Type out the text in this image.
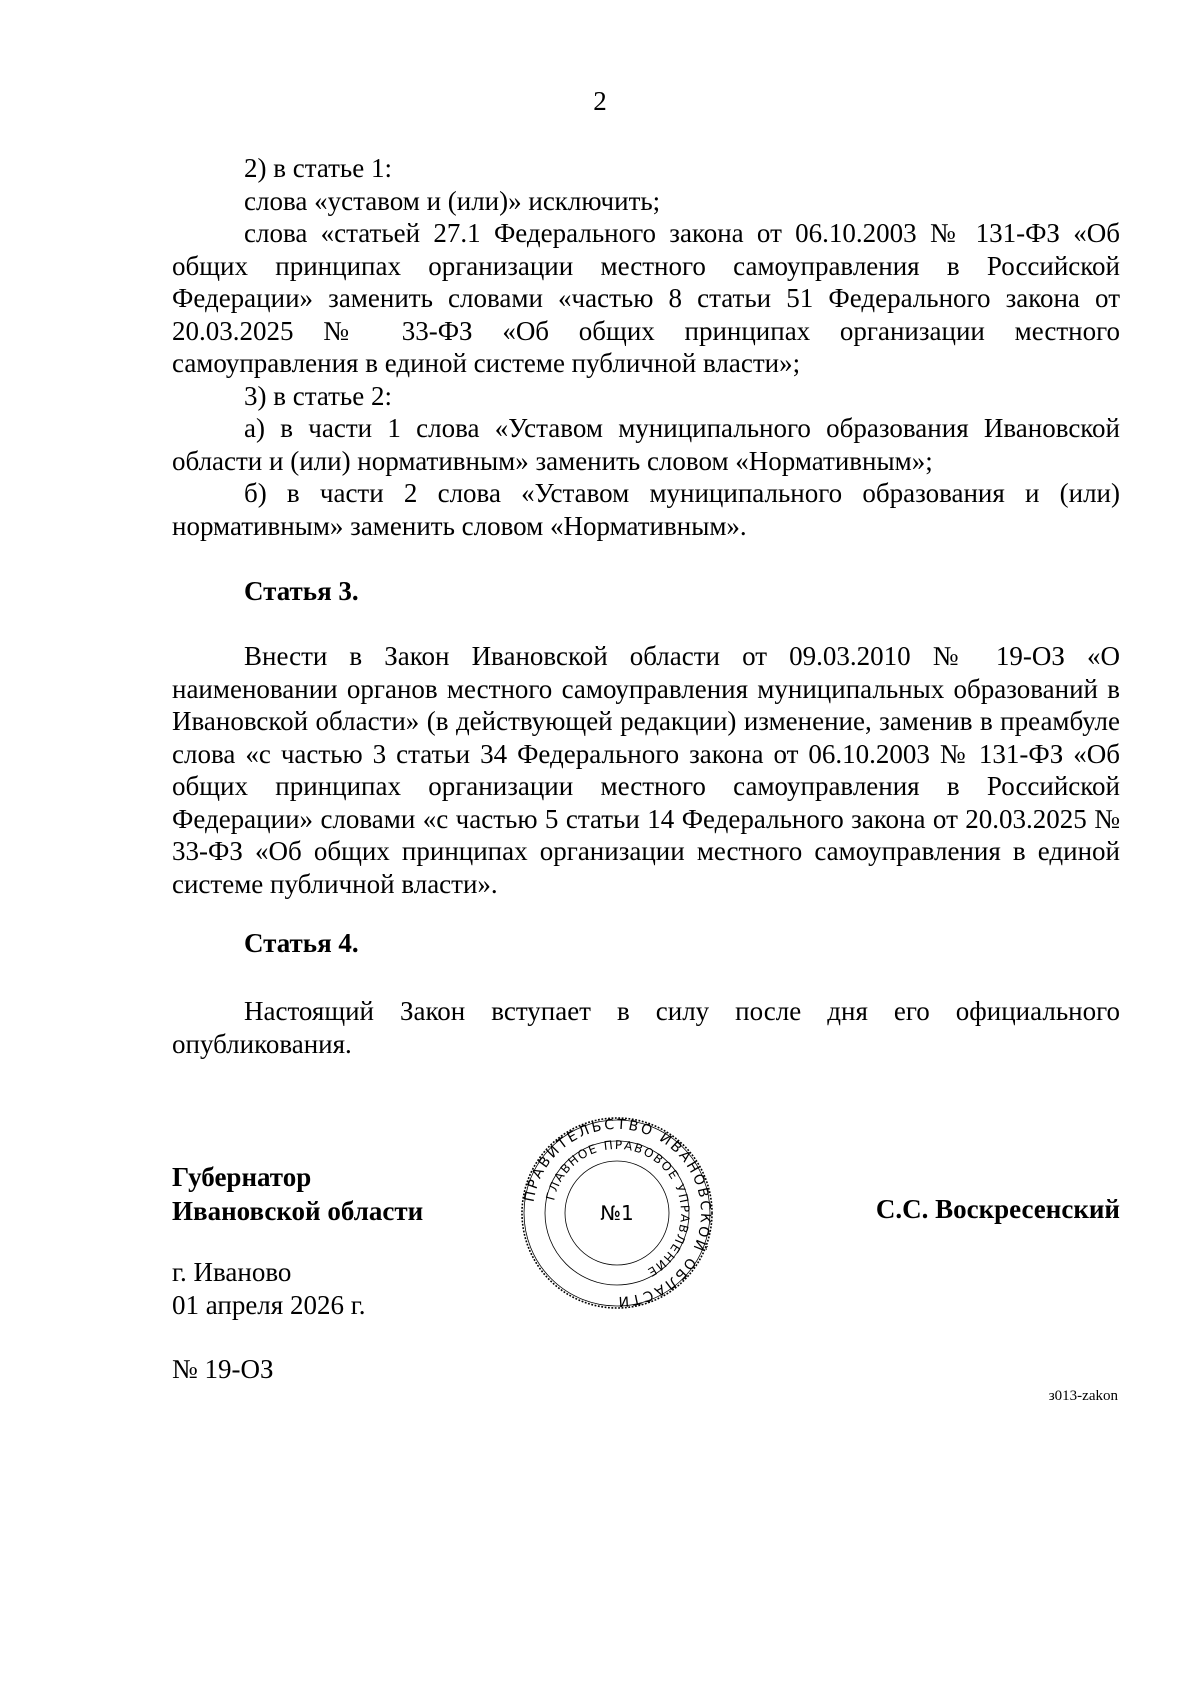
2

2) в статье 1:

слова «уставом и (или)» исключить;

слова «статьей 27.1 Федерального закона от 06.10.2003 № 131-ФЗ «Об общих принципах организации местного самоуправления в Российской Федерации» заменить словами «частью 8 статьи 51 Федерального закона от 20.03.2025 № 33-ФЗ «Об общих принципах организации местного самоуправления в единой системе публичной власти»;

3) в статье 2:

а) в части 1 слова «Уставом муниципального образования Ивановской области и (или) нормативным» заменить словом «Нормативным»;

б) в части 2 слова «Уставом муниципального образования и (или) нормативным» заменить словом «Нормативным».

Статья 3.

Внести в Закон Ивановской области от 09.03.2010 № 19-ОЗ «О наименовании органов местного самоуправления муниципальных образований в Ивановской области» (в действующей редакции) изменение, заменив в преамбуле слова «с частью 3 статьи 34 Федерального закона от 06.10.2003 № 131-ФЗ «Об общих принципах организации местного самоуправления в Российской Федерации» словами «с частью 5 статьи 14 Федерального закона от 20.03.2025 № 33-ФЗ «Об общих принципах организации местного самоуправления в единой системе публичной власти».

Статья 4.

Настоящий Закон вступает в силу после дня его официального опубликования.

Губернатор
Ивановской области
ПРАВИТЕЛЬСТВО ИВАНОВСКОЙ ОБЛАСТИ
ГЛАВНОЕ ПРАВОВОЕ УПРАВЛЕНИЕ
№1	С.С. Воскресенский
г. Иваново
01 апреля 2026 г.
№ 19-ОЗ
з013-zakon
